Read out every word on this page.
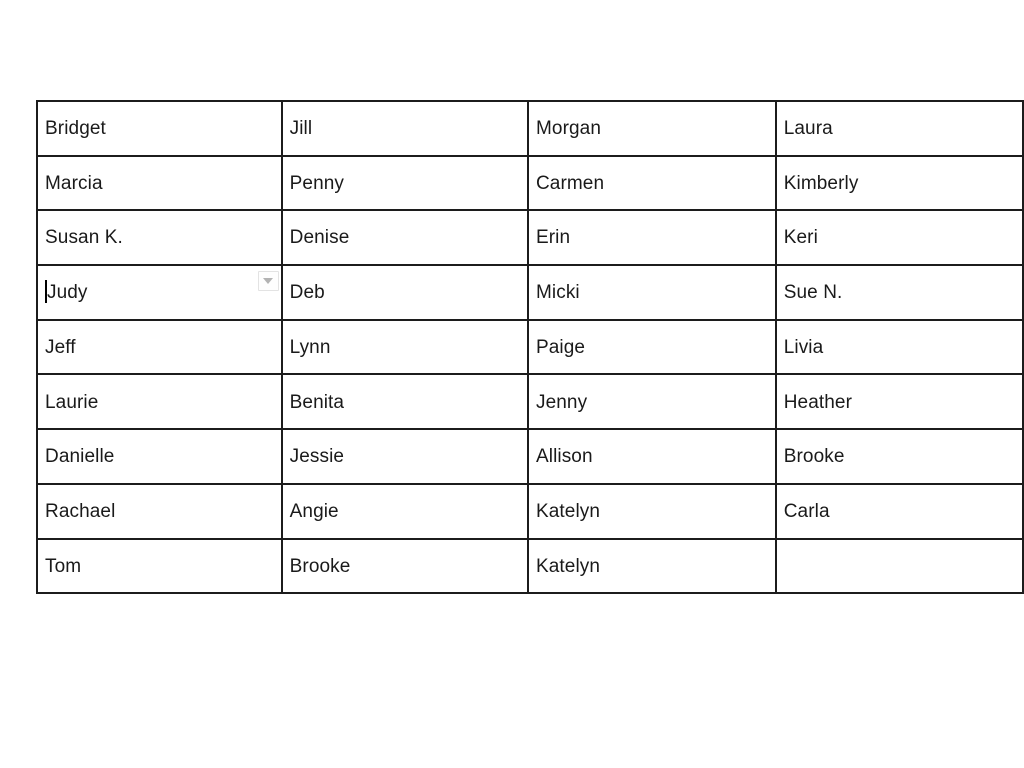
Bridget	Jill	Morgan	Laura
Marcia	Penny	Carmen	Kimberly
Susan K.	Denise	Erin	Keri
Judy	Deb	Micki	Sue N.
Jeff	Lynn	Paige	Livia
Laurie	Benita	Jenny	Heather
Danielle	Jessie	Allison	Brooke
Rachael	Angie	Katelyn	Carla
Tom	Brooke	Katelyn	
